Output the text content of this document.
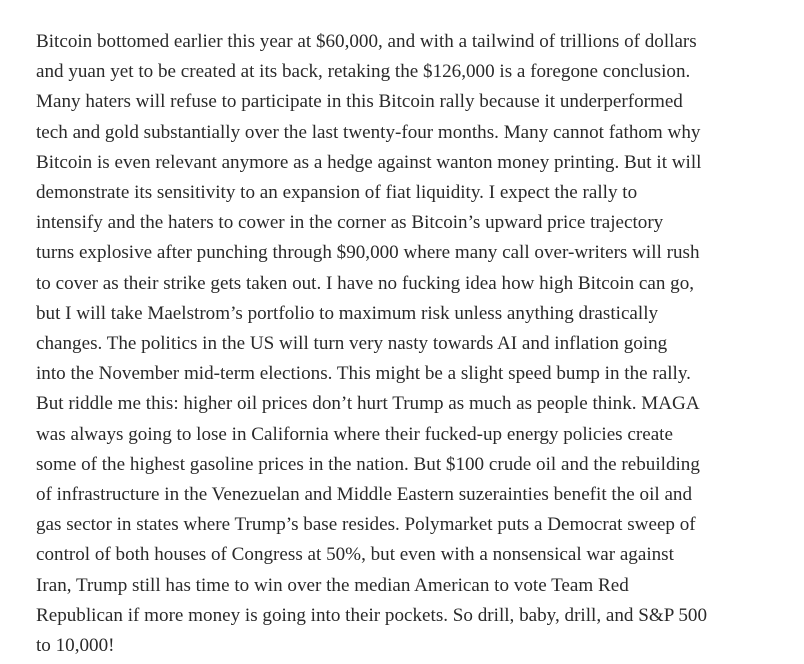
Bitcoin bottomed earlier this year at $60,000, and with a tailwind of trillions of dollars
and yuan yet to be created at its back, retaking the $126,000 is a foregone conclusion.
Many haters will refuse to participate in this Bitcoin rally because it underperformed
tech and gold substantially over the last twenty-four months. Many cannot fathom why
Bitcoin is even relevant anymore as a hedge against wanton money printing. But it will
demonstrate its sensitivity to an expansion of fiat liquidity. I expect the rally to
intensify and the haters to cower in the corner as Bitcoin’s upward price trajectory
turns explosive after punching through $90,000 where many call over-writers will rush
to cover as their strike gets taken out. I have no fucking idea how high Bitcoin can go,
but I will take Maelstrom’s portfolio to maximum risk unless anything drastically
changes. The politics in the US will turn very nasty towards AI and inflation going
into the November mid-term elections. This might be a slight speed bump in the rally.
But riddle me this: higher oil prices don’t hurt Trump as much as people think. MAGA
was always going to lose in California where their fucked-up energy policies create
some of the highest gasoline prices in the nation. But $100 crude oil and the rebuilding
of infrastructure in the Venezuelan and Middle Eastern suzerainties benefit the oil and
gas sector in states where Trump’s base resides. Polymarket puts a Democrat sweep of
control of both houses of Congress at 50%, but even with a nonsensical war against
Iran, Trump still has time to win over the median American to vote Team Red
Republican if more money is going into their pockets. So drill, baby, drill, and S&P 500
to 10,000!
